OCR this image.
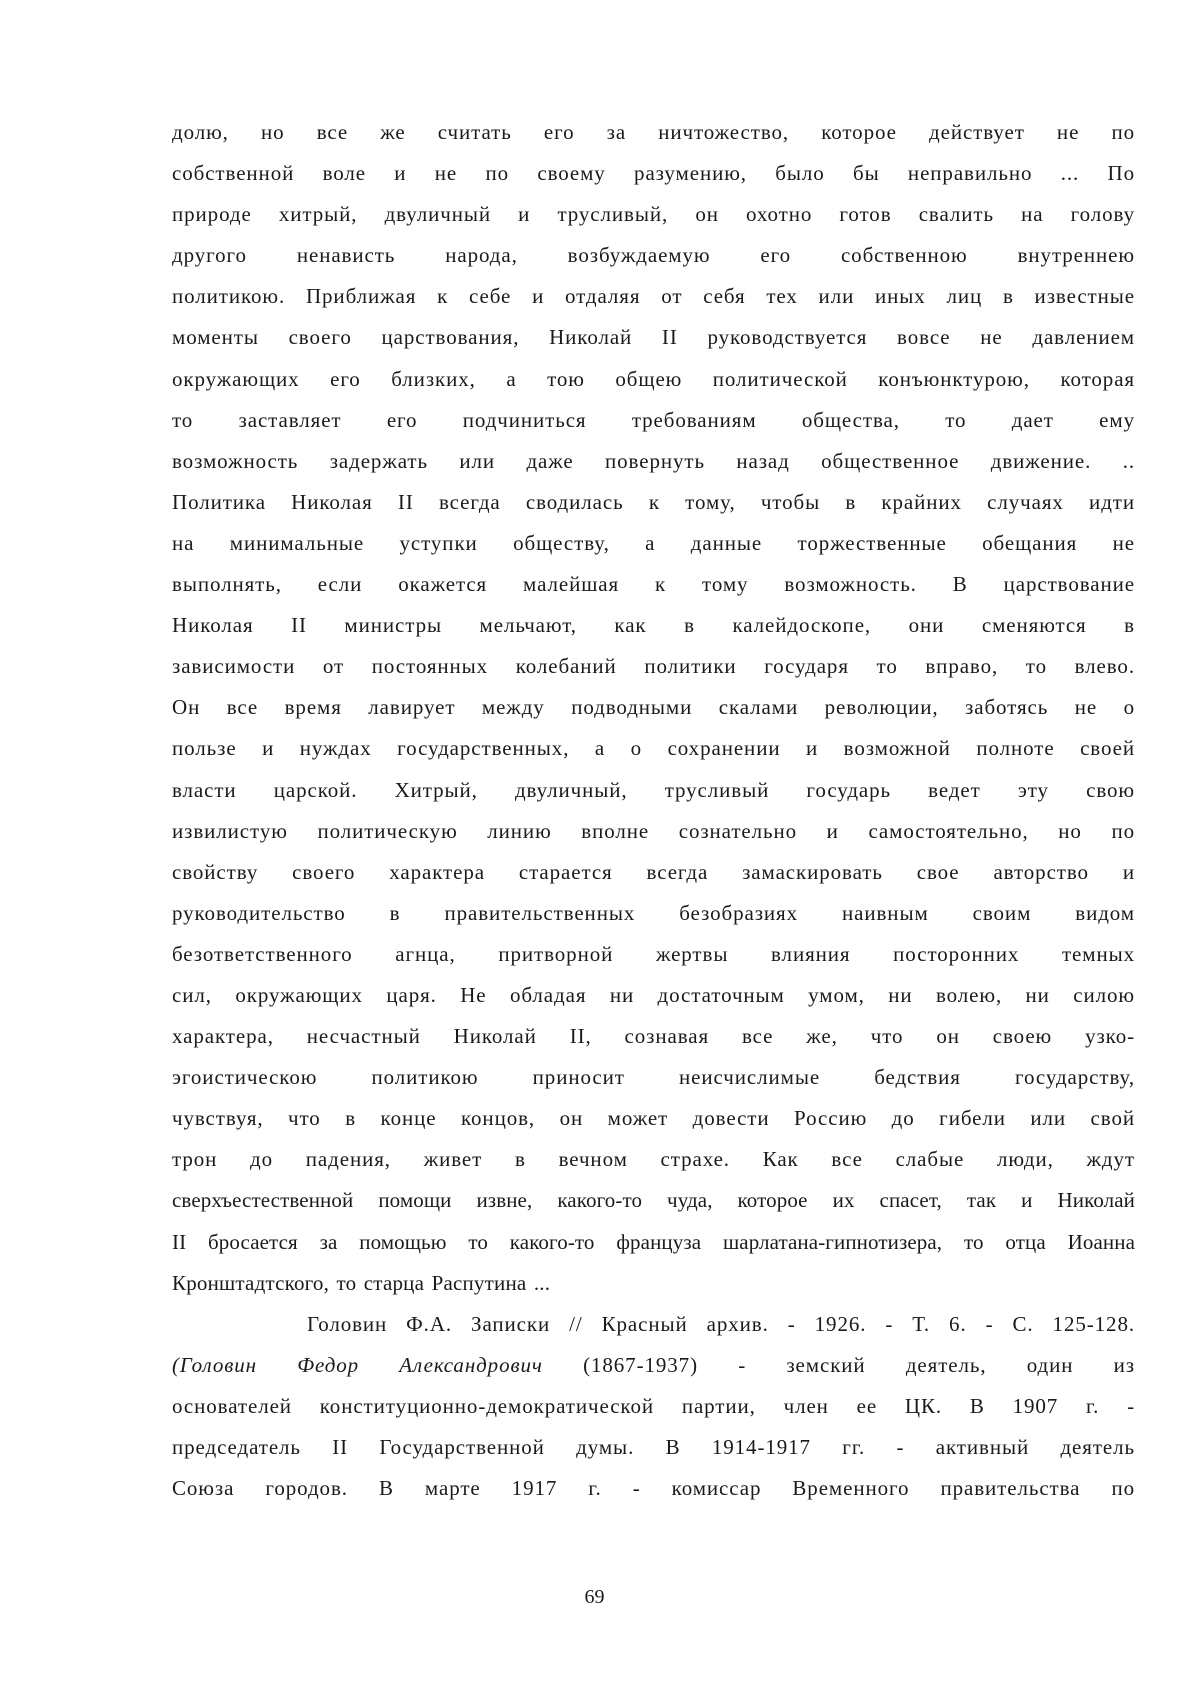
долю, но все же считать его за ничтожество, которое действует не по
собственной воле и не по своему разумению, было бы неправильно ... По
природе хитрый, двуличный и трусливый, он охотно готов свалить на голову
другого ненависть народа, возбуждаемую его собственною внутреннею
политикою. Приближая к себе и отдаляя от себя тех или иных лиц в известные
моменты своего царствования, Николай II руководствуется вовсе не давлением
окружающих его близких, а тою общею политической конъюнктурою, которая
то заставляет его подчиниться требованиям общества, то дает ему
возможность задержать или даже повернуть назад общественное движение. ..
Политика Николая II всегда сводилась к тому, чтобы в крайних случаях идти
на минимальные уступки обществу, а данные торжественные обещания не
выполнять, если окажется малейшая к тому возможность. В царствование
Николая II министры мельчают, как в калейдоскопе, они сменяются в
зависимости от постоянных колебаний политики государя то вправо, то влево.
Он все время лавирует между подводными скалами революции, заботясь не о
пользе и нуждах государственных, а о сохранении и возможной полноте своей
власти царской. Хитрый, двуличный, трусливый государь ведет эту свою
извилистую политическую линию вполне сознательно и самостоятельно, но по
свойству своего характера старается всегда замаскировать свое авторство и
руководительство в правительственных безобразиях наивным своим видом
безответственного агнца, притворной жертвы влияния посторонних темных
сил, окружающих царя. Не обладая ни достаточным умом, ни волею, ни силою
характера, несчастный Николай II, сознавая все же, что он своею узко-
эгоистическою политикою приносит неисчислимые бедствия государству,
чувствуя, что в конце концов, он может довести Россию до гибели или свой
трон до падения, живет в вечном страхе. Как все слабые люди, ждут
сверхъестественной помощи извне, какого-то чуда, которое их спасет, так и Николай
II бросается за помощью то какого-то француза шарлатана-гипнотизера, то отца Иоанна
Кронштадтского, то старца Распутина ...
Головин Ф.А. Записки // Красный архив. - 1926. - Т. 6. - С. 125-128.
(Головин Федор Александрович (1867-1937) - земский деятель, один из
основателей конституционно-демократической партии, член ее ЦК. В 1907 г. -
председатель II Государственной думы. В 1914-1917 гг. - активный деятель
Союза городов. В марте 1917 г. - комиссар Временного правительства по
69
